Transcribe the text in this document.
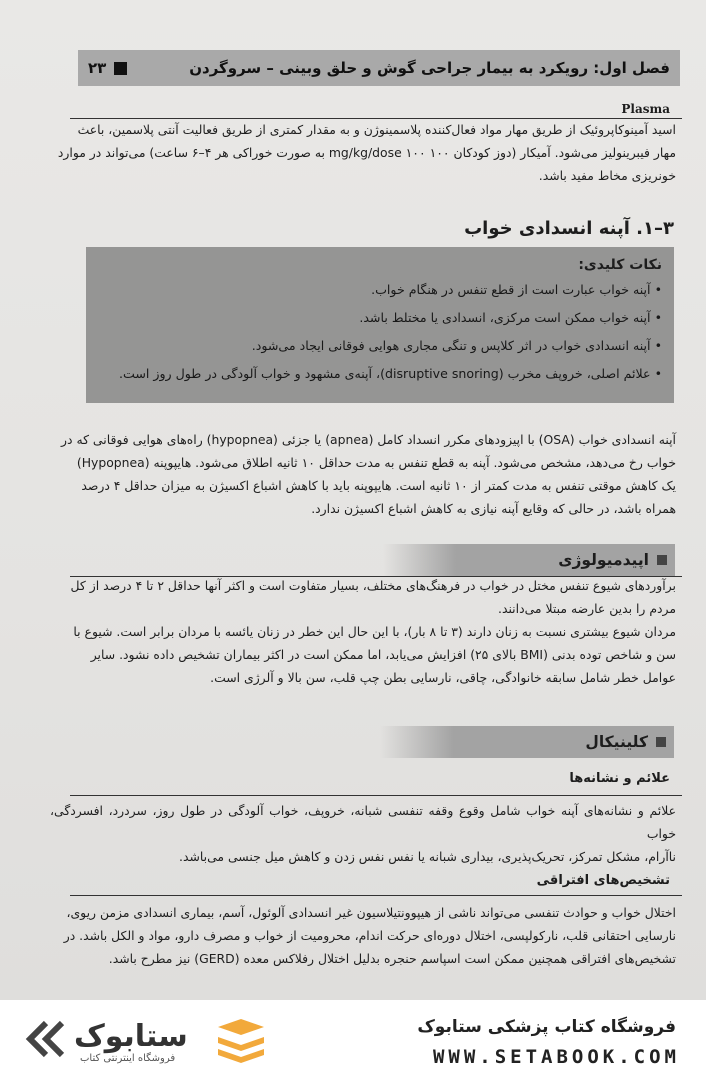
فصل اول: رویکرد به بیمار جراحی گوش و حلق وبینی – سروگردن
۲۳
Plasma
اسید آمینوکاپروئیک از طریق مهار مواد فعال‌کننده پلاسمینوژن و به مقدار کمتری از طریق فعالیت آنتی پلاسمین، باعث
مهار فیبرینولیز می‌شود. آمیکار (دوز کودکان ۱۰۰ mg/kg/dose ۱۰۰ به صورت خوراکی هر ۴–۶ ساعت) می‌تواند در موارد
خونریزی مخاط مفید باشد.
۳–۱. آپنه انسدادی خواب
نکات کلیدی:
• آپنه خواب عبارت است از قطع تنفس در هنگام خواب.
• آپنه خواب ممکن است مرکزی، انسدادی یا مختلط باشد.
• آپنه انسدادی خواب در اثر کلاپس و تنگی مجاری هوایی فوقانی ایجاد می‌شود.
• علائم اصلی، خروپف مخرب (disruptive snoring)، آپنه‌ی مشهود و خواب آلودگی در طول روز است.
آپنه انسدادی خواب (OSA) با اپیزودهای مکرر انسداد کامل (apnea) یا جزئی (hypopnea) راه‌های هوایی فوقانی که در
خواب رخ می‌دهد، مشخص می‌شود. آپنه به قطع تنفس به مدت حداقل ۱۰ ثانیه اطلاق می‌شود. هایپوپنه (Hypopnea)
یک کاهش موقتی تنفس به مدت کمتر از ۱۰ ثانیه است. هایپوپنه باید با کاهش اشباع اکسیژن به میزان حداقل ۴ درصد
همراه باشد، در حالی که وقایع آپنه نیازی به کاهش اشباع اکسیژن ندارد.
اپیدمیولوژی
برآوردهای شیوع تنفس مختل در خواب در فرهنگ‌های مختلف، بسیار متفاوت است و اکثر آنها حداقل ۲ تا ۴ درصد از کل
مردم را بدین عارضه مبتلا می‌دانند.
مردان شیوع بیشتری نسبت به زنان دارند (۳ تا ۸ بار)، با این حال این خطر در زنان یائسه با مردان برابر است. شیوع با
سن و شاخص توده بدنی (BMI بالای ۲۵) افزایش می‌یابد، اما ممکن است در اکثر بیماران تشخیص داده نشود. سایر
عوامل خطر شامل سابقه خانوادگی، چاقی، نارسایی بطن چپ قلب، سن بالا و آلرژی است.
کلینیکال
علائم و نشانه‌ها
علائم و نشانه‌های آپنه خواب شامل وقوع وقفه تنفسی شبانه، خروپف، خواب آلودگی در طول روز، سردرد، افسردگی، خواب
ناآرام، مشکل تمرکز، تحریک‌پذیری، بیداری شبانه یا نفس نفس زدن و کاهش میل جنسی می‌باشد.
تشخیص‌های افتراقی
اختلال خواب و حوادث تنفسی می‌تواند ناشی از هیپوونتیلاسیون غیر انسدادی آلوئول، آسم، بیماری انسدادی مزمن ریوی،
نارسایی احتقانی قلب، نارکولپسی، اختلال دوره‌ای حرکت اندام، محرومیت از خواب و مصرف دارو، مواد و الکل باشد. در
تشخیص‌های افتراقی همچنین ممکن است اسپاسم حنجره بدلیل اختلال رفلاکس معده (GERD) نیز مطرح باشد.
ستابوک
فروشگاه اینترنتی کتاب
فروشگاه کتاب پزشکی ستابوک
WWW.SETABOOK.COM
